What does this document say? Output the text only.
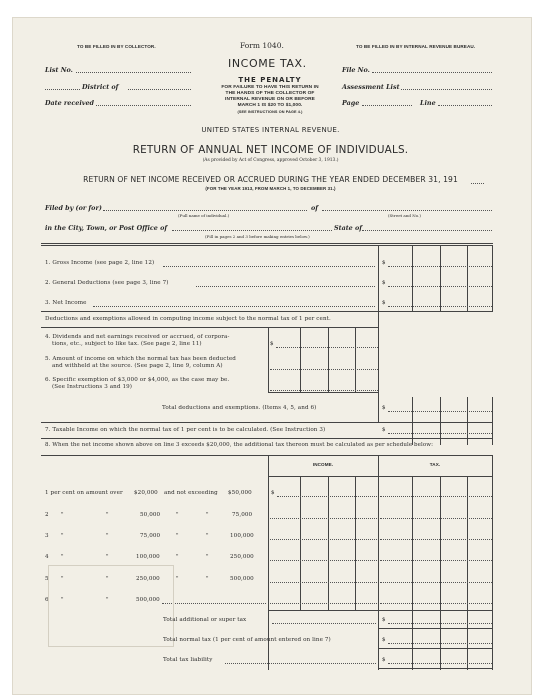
TO BE FILLED IN BY COLLECTOR.	Form 1040.	TO BE FILLED IN BY INTERNAL REVENUE BUREAU.
INCOME TAX.
List No.
District of
Date received
THE PENALTY
FOR FAILURE TO HAVE THIS RETURN IN
THE HANDS OF THE COLLECTOR OF
INTERNAL REVENUE ON OR BEFORE
MARCH 1 IS $20 TO $1,000.
(SEE INSTRUCTIONS ON PAGE 4.)
File No.
Assessment List
Page	Line
UNITED STATES INTERNAL REVENUE.
RETURN OF ANNUAL NET INCOME OF INDIVIDUALS.
(As provided by Act of Congress, approved October 3, 1913.)
RETURN OF NET INCOME RECEIVED OR ACCRUED DURING THE YEAR ENDED DECEMBER 31, 191
(FOR THE YEAR 1913, FROM MARCH 1, TO DECEMBER 31.)
Filed by (or for)	of
(Full name of individual.)	(Street and No.)
in the City, Town, or Post Office of	State of
(Fill in pages 2 and 3 before making entries below.)
1. Gross Income (see page 2, line 12)	$
2. General Deductions (see page 3, line 7)	$
3. Net Income	$
Deductions and exemptions allowed in computing income subject to the normal tax of 1 per cent.
4. Dividends and net earnings received or accrued, of corpora-
tions, etc., subject to like tax. (See page 2, line 11)	$
5. Amount of income on which the normal tax has been deducted
and withheld at the source. (See page 2, line 9, column A)
6. Specific exemption of $3,000 or $4,000, as the case may be.
(See Instructions 3 and 19)
Total deductions and exemptions. (Items 4, 5, and 6)	$
7. Taxable Income on which the normal tax of 1 per cent is to be calculated. (See Instruction 3)	$
8. When the net income shown above on line 3 exceeds $20,000, the additional tax thereon must be calculated as per schedule below:
INCOME.	TAX.
1 per cent on amount over $20,000 and not exceeding $50,000	$
2 "	"	50,000	"	"	75,000
3 "	"	75,000	"	"	100,000
4 "	"	100,000	"	"	250,000
5 "	"	250,000	"	"	500,000
6 "	"	500,000
Total additional or super tax	$
Total normal tax (1 per cent of amount entered on line 7)	$
Total tax liability	$
